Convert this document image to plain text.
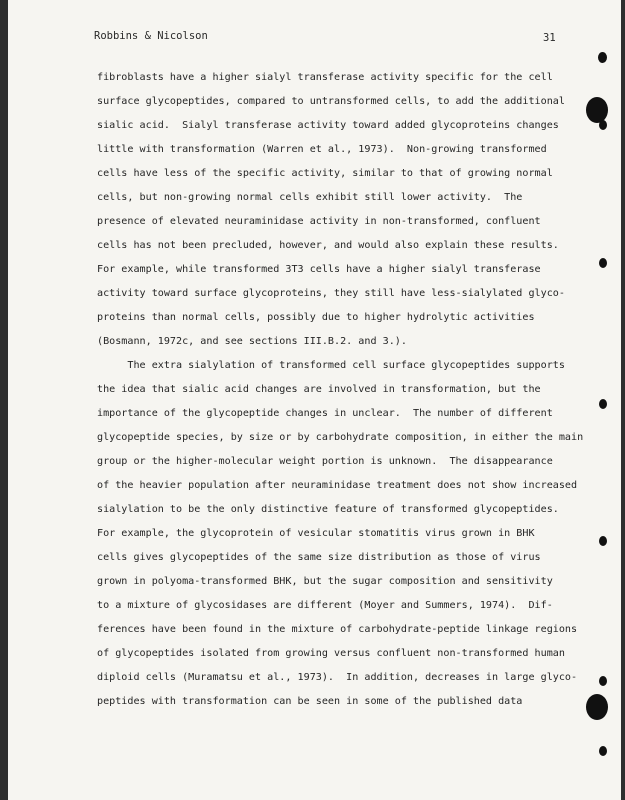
Robbins & Nicolson	31
fibroblasts have a higher sialyl transferase activity specific for the cell
surface glycopeptides, compared to untransformed cells, to add the additional
sialic acid.  Sialyl transferase activity toward added glycoproteins changes
little with transformation (Warren et al., 1973).  Non-growing transformed
cells have less of the specific activity, similar to that of growing normal
cells, but non-growing normal cells exhibit still lower activity.  The
presence of elevated neuraminidase activity in non-transformed, confluent
cells has not been precluded, however, and would also explain these results.
For example, while transformed 3T3 cells have a higher sialyl transferase
activity toward surface glycoproteins, they still have less-sialylated glyco-
proteins than normal cells, possibly due to higher hydrolytic activities
(Bosmann, 1972c, and see sections III.B.2. and 3.).
The extra sialylation of transformed cell surface glycopeptides supports
the idea that sialic acid changes are involved in transformation, but the
importance of the glycopeptide changes in unclear.  The number of different
glycopeptide species, by size or by carbohydrate composition, in either the main
group or the higher-molecular weight portion is unknown.  The disappearance
of the heavier population after neuraminidase treatment does not show increased
sialylation to be the only distinctive feature of transformed glycopeptides.
For example, the glycoprotein of vesicular stomatitis virus grown in BHK
cells gives glycopeptides of the same size distribution as those of virus
grown in polyoma-transformed BHK, but the sugar composition and sensitivity
to a mixture of glycosidases are different (Moyer and Summers, 1974).  Dif-
ferences have been found in the mixture of carbohydrate-peptide linkage regions
of glycopeptides isolated from growing versus confluent non-transformed human
diploid cells (Muramatsu et al., 1973).  In addition, decreases in large glyco-
peptides with transformation can be seen in some of the published data
